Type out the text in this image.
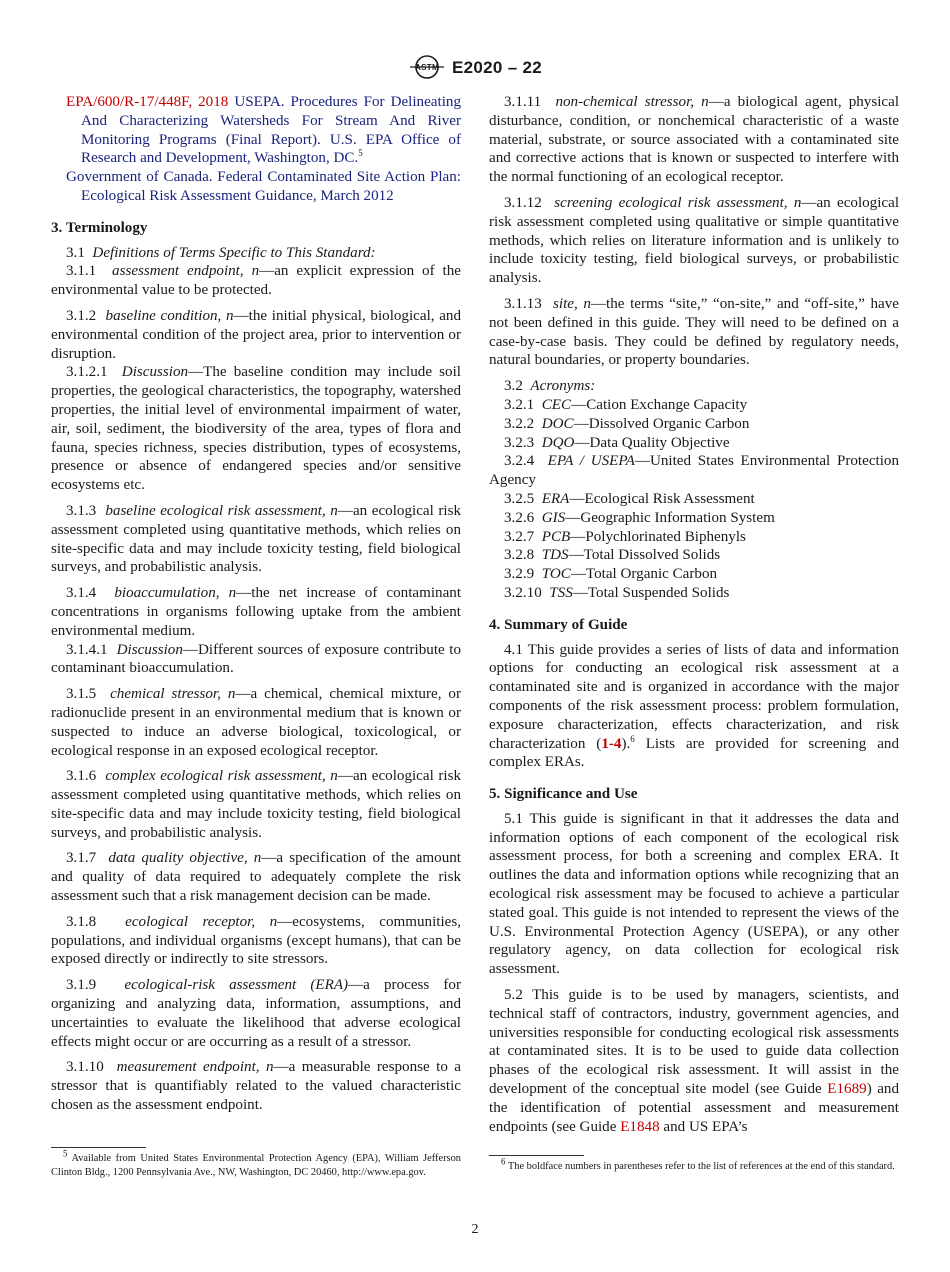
ASTM E2020 – 22

EPA/600/R-17/448F, 2018 USEPA. Procedures For Delineating And Characterizing Watersheds For Stream And River Monitoring Programs (Final Report). U.S. EPA Office of Research and Development, Washington, DC.$^5$

Government of Canada. Federal Contaminated Site Action Plan: Ecological Risk Assessment Guidance, March 2012

3. Terminology

3.1 Definitions of Terms Specific to This Standard:

3.1.1 assessment endpoint, n—an explicit expression of the environmental value to be protected.

3.1.2 baseline condition, n—the initial physical, biological, and environmental condition of the project area, prior to intervention or disruption.

3.1.2.1 Discussion—The baseline condition may include soil properties, the geological characteristics, the topography, watershed properties, the initial level of environmental impairment of water, air, soil, sediment, the biodiversity of the area, types of flora and fauna, species richness, species distribution, types of ecosystems, presence or absence of endangered species and/or sensitive ecosystems etc.

3.1.3 baseline ecological risk assessment, n—an ecological risk assessment completed using quantitative methods, which relies on site-specific data and may include toxicity testing, field biological surveys, and probabilistic analysis.

3.1.4 bioaccumulation, n—the net increase of contaminant concentrations in organisms following uptake from the ambient environmental medium.

3.1.4.1 Discussion—Different sources of exposure contribute to contaminant bioaccumulation.

3.1.5 chemical stressor, n—a chemical, chemical mixture, or radionuclide present in an environmental medium that is known or suspected to induce an adverse biological, toxicological, or ecological response in an exposed ecological receptor.

3.1.6 complex ecological risk assessment, n—an ecological risk assessment completed using quantitative methods, which relies on site-specific data and may include toxicity testing, field biological surveys, and probabilistic analysis.

3.1.7 data quality objective, n—a specification of the amount and quality of data required to adequately complete the risk assessment such that a risk management decision can be made.

3.1.8 ecological receptor, n—ecosystems, communities, populations, and individual organisms (except humans), that can be exposed directly or indirectly to site stressors.

3.1.9 ecological-risk assessment (ERA)—a process for organizing and analyzing data, information, assumptions, and uncertainties to evaluate the likelihood that adverse ecological effects might occur or are occurring as a result of a stressor.

3.1.10 measurement endpoint, n—a measurable response to a stressor that is quantifiably related to the valued characteristic chosen as the assessment endpoint.

3.1.11 non-chemical stressor, n—a biological agent, physical disturbance, condition, or nonchemical characteristic of a waste material, substrate, or source associated with a contaminated site and corrective actions that is known or suspected to interfere with the normal functioning of an ecological receptor.

3.1.12 screening ecological risk assessment, n—an ecological risk assessment completed using qualitative or simple quantitative methods, which relies on literature information and is unlikely to include toxicity testing, field biological surveys, or probabilistic analysis.

3.1.13 site, n—the terms “site,” “on-site,” and “off-site,” have not been defined in this guide. They will need to be defined on a case-by-case basis. They could be defined by regulatory needs, natural boundaries, or property boundaries.

3.2 Acronyms:

3.2.1 CEC—Cation Exchange Capacity

3.2.2 DOC—Dissolved Organic Carbon

3.2.3 DQO—Data Quality Objective

3.2.4 EPA / USEPA—United States Environmental Protection Agency

3.2.5 ERA—Ecological Risk Assessment

3.2.6 GIS—Geographic Information System

3.2.7 PCB—Polychlorinated Biphenyls

3.2.8 TDS—Total Dissolved Solids

3.2.9 TOC—Total Organic Carbon

3.2.10 TSS—Total Suspended Solids

4. Summary of Guide

4.1 This guide provides a series of lists of data and information options for conducting an ecological risk assessment at a contaminated site and is organized in accordance with the major components of the risk assessment process: problem formulation, exposure characterization, effects characterization, and risk characterization (1-4).$^6$ Lists are provided for screening and complex ERAs.

5. Significance and Use

5.1 This guide is significant in that it addresses the data and information options of each component of the ecological risk assessment process, for both a screening and complex ERA. It outlines the data and information options while recognizing that an ecological risk assessment may be focused to achieve a particular stated goal. This guide is not intended to represent the views of the U.S. Environmental Protection Agency (USEPA), or any other regulatory agency, on data collection for ecological risk assessment.

5.2 This guide is to be used by managers, scientists, and technical staff of contractors, industry, government agencies, and universities responsible for conducting ecological risk assessments at contaminated sites. It is to be used to guide data collection phases of the ecological risk assessment. It will assist in the development of the conceptual site model (see Guide E1689) and the identification of potential assessment and measurement endpoints (see Guide E1848 and US EPA’s

$^5$ Available from United States Environmental Protection Agency (EPA), William Jefferson Clinton Bldg., 1200 Pennsylvania Ave., NW, Washington, DC 20460, http://www.epa.gov.

$^6$ The boldface numbers in parentheses refer to the list of references at the end of this standard.

2
